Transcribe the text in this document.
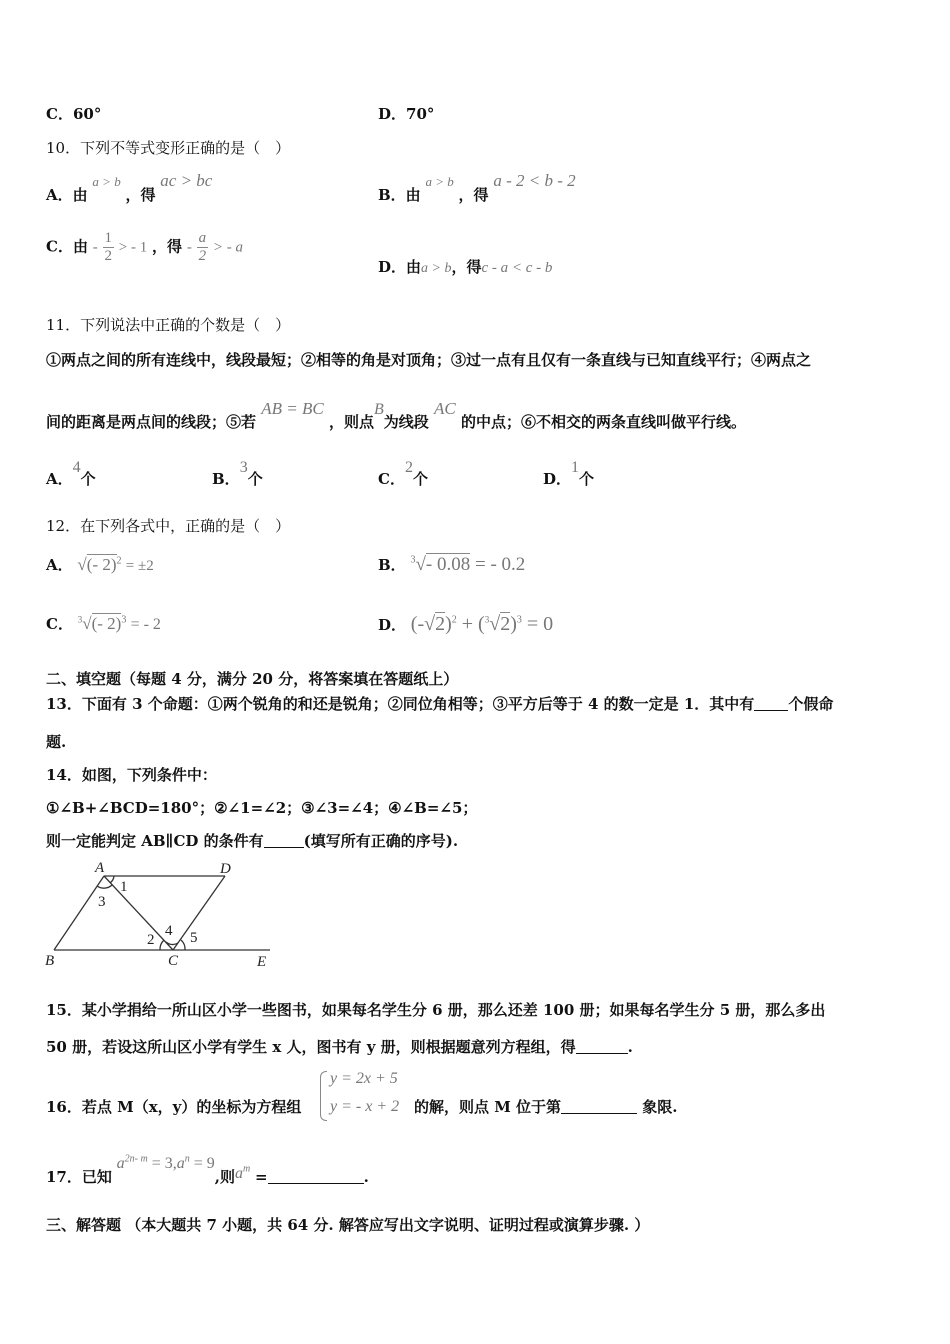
C．60°	D．70°
10．下列不等式变形正确的是（　）
A．由 a > b ，得 ac > bc
B．由 a > b ，得 a - 2 < b - 2
C．由 - $\frac{1}{2}$ > - 1 ，得 - $\frac{a}{2}$ > - a
D．由a > b，得c - a < c - b
11．下列说法中正确的个数是（　）
①两点之间的所有连线中，线段最短；②相等的角是对顶角；③过一点有且仅有一条直线与已知直线平行；④两点之
间的距离是两点间的线段；⑤若 AB = BC ，则点B为线段 AC 的中点；⑥不相交的两条直线叫做平行线。
A．4个	B．3个	C．2个	D．1个
12．在下列各式中，正确的是（　）
A． √(- 2)$^2$ = ±2	B． $^3$√- 0.08 = - 0.2
C． $^3$√(- 2)$^3$ = - 2	D． $(-√2)^2 + (^3√2)^3 = 0$
二、填空题（每题 4 分，满分 20 分，将答案填在答题纸上）
13．下面有 3 个命题：①两个锐角的和还是锐角；②同位角相等；③平方后等于 4 的数一定是 1．其中有 个假命
题.
14．如图，下列条件中：
①∠B+∠BCD=180°；②∠1=∠2；③∠3=∠4；④∠B=∠5；
则一定能判定 AB∥CD 的条件有	(填写所有正确的序号).
A	D
B	C	E
1
3
2
4 5
15．某小学捐给一所山区小学一些图书，如果每名学生分 6 册，那么还差 100 册；如果每名学生分 5 册，那么多出
50 册，若设这所山区小学有学生 x 人，图书有 y 册，则根据题意列方程组，得	.
16．若点 M（x，y）的坐标为方程组
y = 2x + 5
y = - x + 2 的解，则点 M 位于第	象限.
17．已知 $a^{2n- m} = 3,a^n = 9$,则$a^m$ =	.
三、解答题 （本大题共 7 小题，共 64 分. 解答应写出文字说明、证明过程或演算步骤. ）
